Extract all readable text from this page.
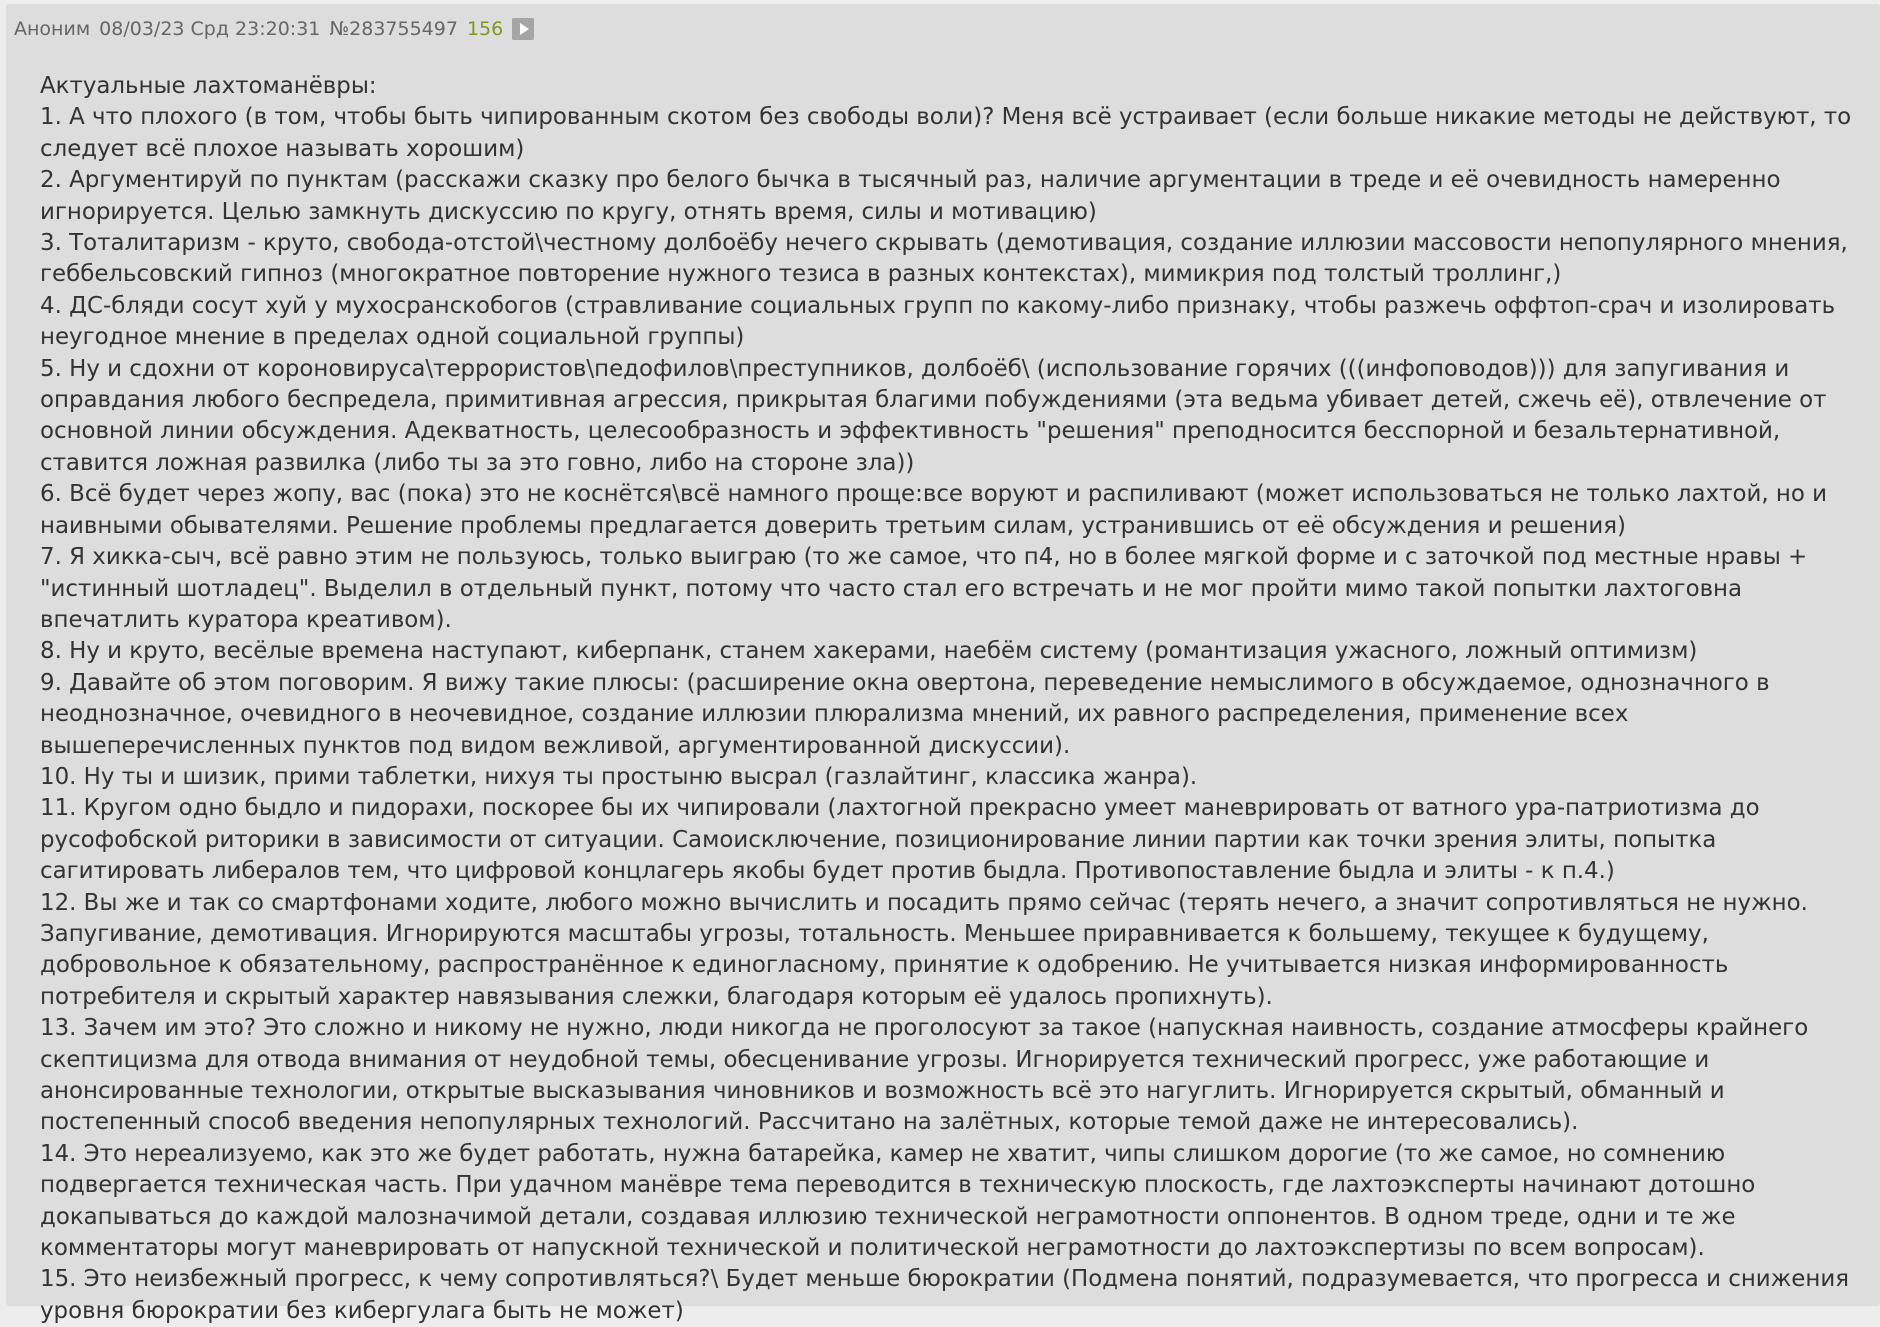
Аноним 08/03/23 Срд 23:20:31 №283755497 156

Актуальные лахтоманёвры:

1. А что плохого (в том, чтобы быть чипированным скотом без свободы воли)? Меня всё устраивает (если больше никакие методы не действуют, то следует всё плохое называть хорошим)

2. Аргументируй по пунктам (расскажи сказку про белого бычка в тысячный раз, наличие аргументации в треде и её очевидность намеренно игнорируется. Целью замкнуть дискуссию по кругу, отнять время, силы и мотивацию)

3. Тоталитаризм - круто, свобода-отстой\честному долбоёбу нечего скрывать (демотивация, создание иллюзии массовости непопулярного мнения, геббельсовский гипноз (многократное повторение нужного тезиса в разных контекстах), мимикрия под толстый троллинг,)

4. ДС-бляди сосут хуй у мухосранскобогов (стравливание социальных групп по какому-либо признаку, чтобы разжечь оффтоп-срач и изолировать неугодное мнение в пределах одной социальной группы)

5. Ну и сдохни от короновируса\террористов\педофилов\преступников, долбоёб\ (использование горячих (((инфоповодов))) для запугивания и оправдания любого беспредела, примитивная агрессия, прикрытая благими побуждениями (эта ведьма убивает детей, сжечь её), отвлечение от основной линии обсуждения. Адекватность, целесообразность и эффективность "решения" преподносится бесспорной и безальтернативной, ставится ложная развилка (либо ты за это говно, либо на стороне зла))

6. Всё будет через жопу, вас (пока) это не коснётся\всё намного проще:все воруют и распиливают (может использоваться не только лахтой, но и наивными обывателями. Решение проблемы предлагается доверить третьим силам, устранившись от её обсуждения и решения)

7. Я хикка-сыч, всё равно этим не пользуюсь, только выиграю (то же самое, что п4, но в более мягкой форме и с заточкой под местные нравы + "истинный шотладец". Выделил в отдельный пункт, потому что часто стал его встречать и не мог пройти мимо такой попытки лахтоговна впечатлить куратора креативом).

8. Ну и круто, весёлые времена наступают, киберпанк, станем хакерами, наебём систему (романтизация ужасного, ложный оптимизм)

9. Давайте об этом поговорим. Я вижу такие плюсы: (расширение окна овертона, переведение немыслимого в обсуждаемое, однозначного в неоднозначное, очевидного в неочевидное, создание иллюзии плюрализма мнений, их равного распределения, применение всех вышеперечисленных пунктов под видом вежливой, аргументированной дискуссии).

10. Ну ты и шизик, прими таблетки, нихуя ты простыню высрал (газлайтинг, классика жанра).

11. Кругом одно быдло и пидорахи, поскорее бы их чипировали (лахтогной прекрасно умеет маневрировать от ватного ура-патриотизма до русофобской риторики в зависимости от ситуации. Самоисключение, позиционирование линии партии как точки зрения элиты, попытка сагитировать либералов тем, что цифровой концлагерь якобы будет против быдла. Противопоставление быдла и элиты - к п.4.)

12. Вы же и так со смартфонами ходите, любого можно вычислить и посадить прямо сейчас (терять нечего, а значит сопротивляться не нужно. Запугивание, демотивация. Игнорируются масштабы угрозы, тотальность. Меньшее приравнивается к большему, текущее к будущему, добровольное к обязательному, распространённое к единогласному, принятие к одобрению. Не учитывается низкая информированность потребителя и скрытый характер навязывания слежки, благодаря которым её удалось пропихнуть).

13. Зачем им это? Это сложно и никому не нужно, люди никогда не проголосуют за такое (напускная наивность, создание атмосферы крайнего скептицизма для отвода внимания от неудобной темы, обесценивание угрозы. Игнорируется технический прогресс, уже работающие и анонсированные технологии, открытые высказывания чиновников и возможность всё это нагуглить. Игнорируется скрытый, обманный и постепенный способ введения непопулярных технологий. Рассчитано на залётных, которые темой даже не интересовались).

14. Это нереализуемо, как это же будет работать, нужна батарейка, камер не хватит, чипы слишком дорогие (то же самое, но сомнению подвергается техническая часть. При удачном манёвре тема переводится в техническую плоскость, где лахтоэксперты начинают дотошно докапываться до каждой малозначимой детали, создавая иллюзию технической неграмотности оппонентов. В одном треде, одни и те же комментаторы могут маневрировать от напускной технической и политической неграмотности до лахтоэкспертизы по всем вопросам).

15. Это неизбежный прогресс, к чему сопротивляться?\ Будет меньше бюрократии (Подмена понятий, подразумевается, что прогресса и снижения уровня бюрократии без кибергулага быть не может)
